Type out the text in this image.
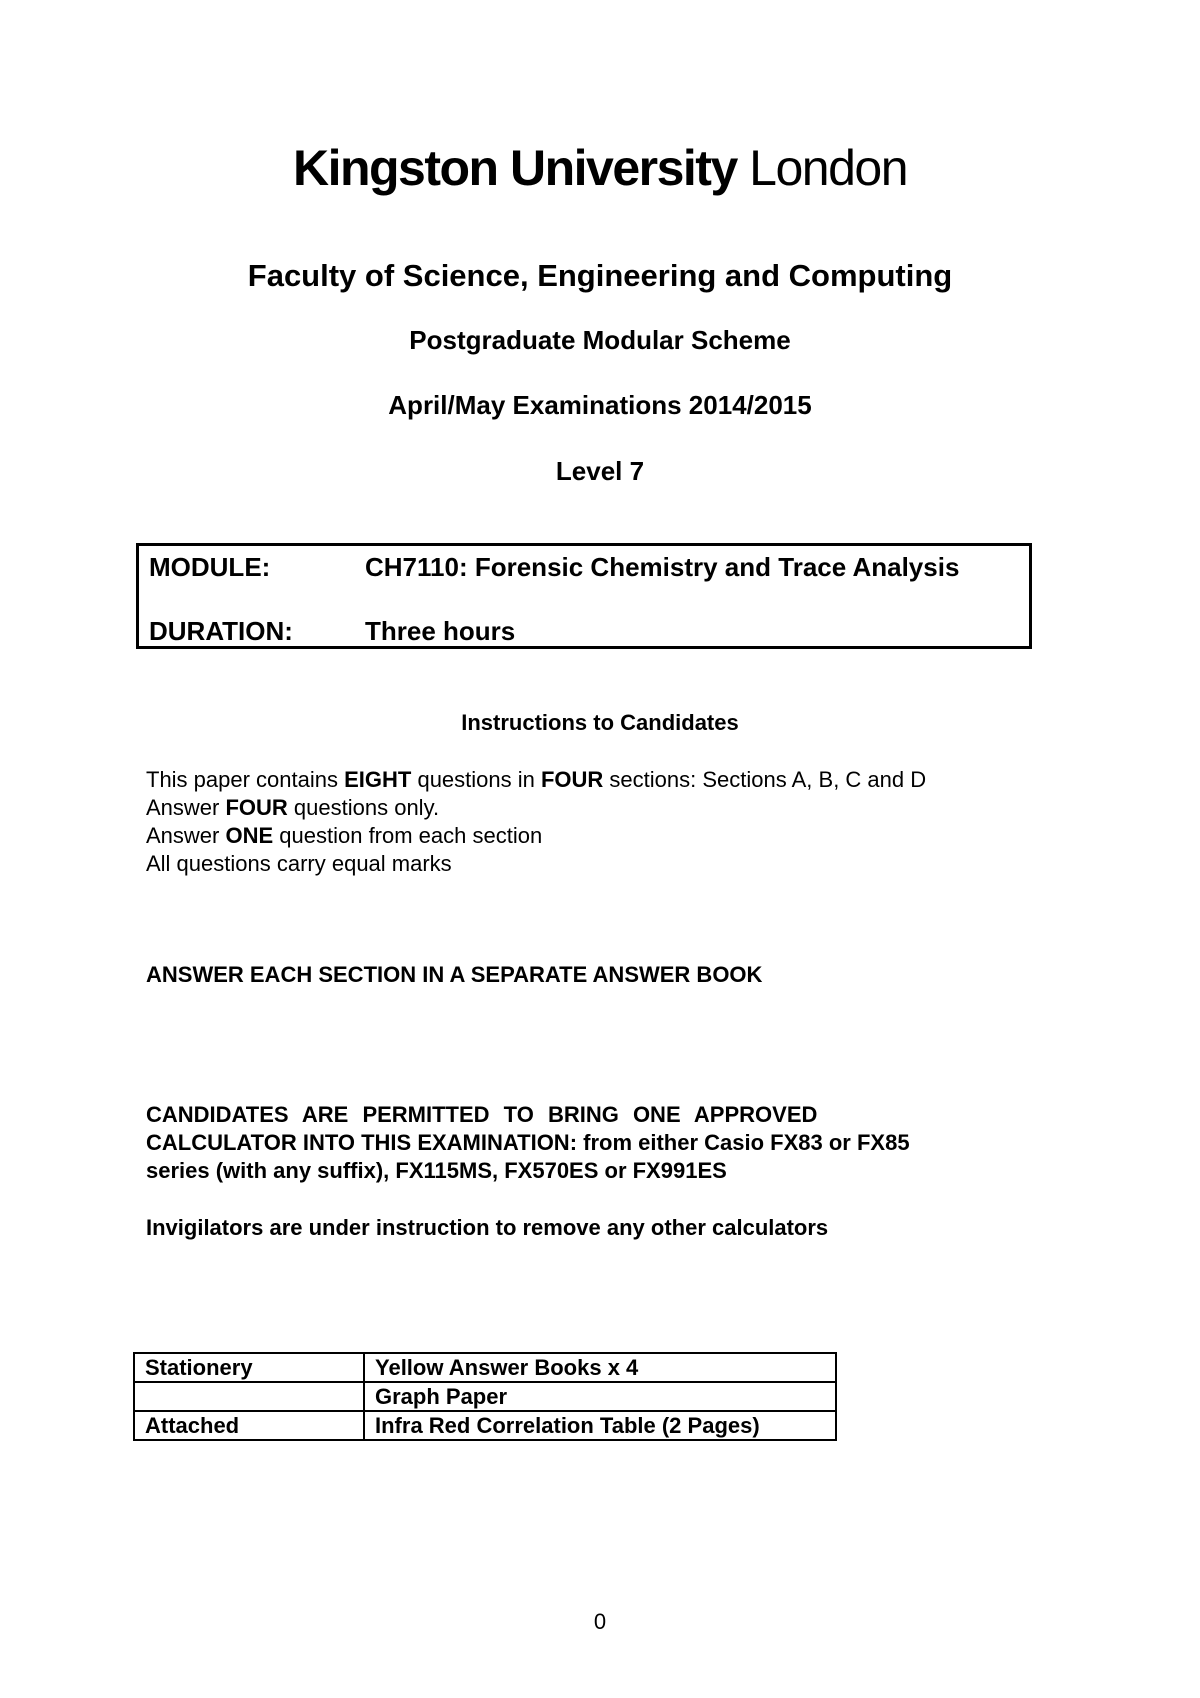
Kingston University London
Faculty of Science, Engineering and Computing
Postgraduate Modular Scheme
April/May Examinations 2014/2015
Level 7
MODULE:	CH7110: Forensic Chemistry and Trace Analysis
DURATION:	Three hours
Instructions to Candidates
This paper contains EIGHT questions in FOUR sections: Sections A, B, C and D
Answer FOUR questions only.
Answer ONE question from each section
All questions carry equal marks
ANSWER EACH SECTION IN A SEPARATE ANSWER BOOK
CANDIDATES ARE PERMITTED TO BRING ONE APPROVED
CALCULATOR INTO THIS EXAMINATION: from either Casio FX83 or FX85
series (with any suffix), FX115MS, FX570ES or FX991ES
Invigilators are under instruction to remove any other calculators
Stationery	Yellow Answer Books x 4
	Graph Paper
Attached	Infra Red Correlation Table (2 Pages)
0
